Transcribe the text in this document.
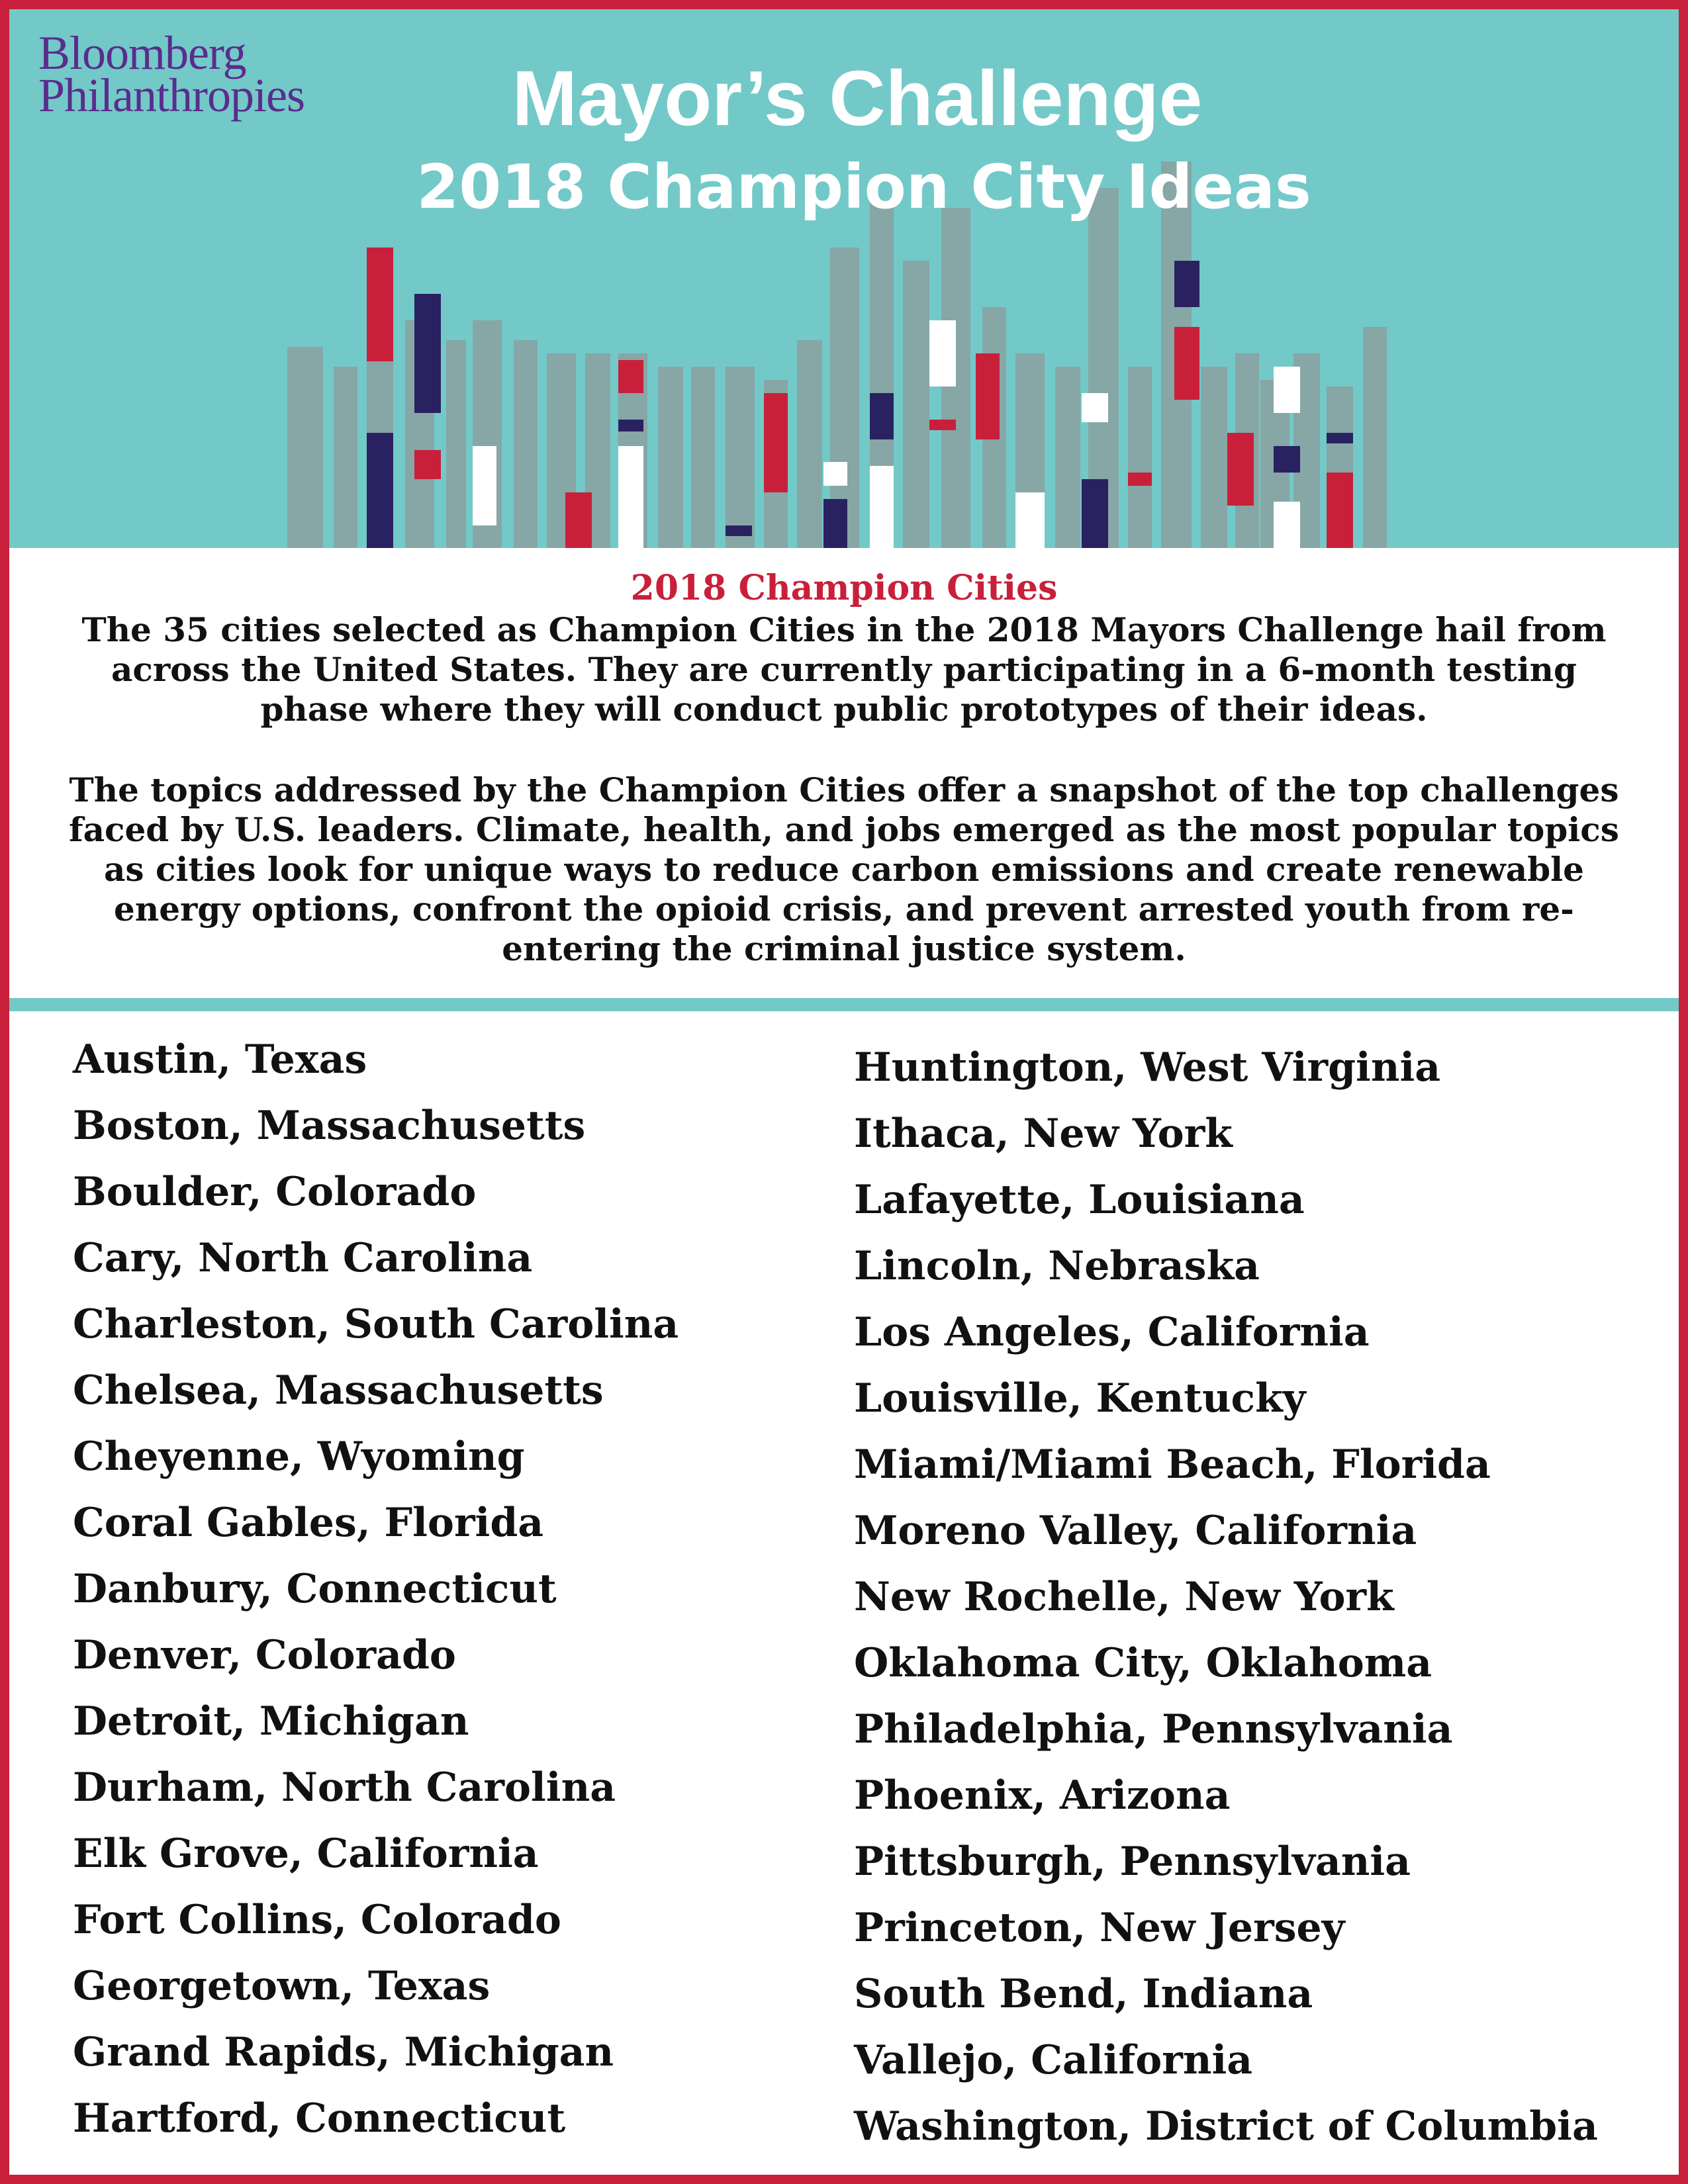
Bloomberg
Philanthropies	Mayor’s Challenge
2018 Champion City Ideas
2018 Champion Cities

The 35 cities selected as Champion Cities in the 2018 Mayors Challenge hail from across the United States. They are currently participating in a 6-month testing phase where they will conduct public prototypes of their ideas.

The topics addressed by the Champion Cities offer a snapshot of the top challenges faced by U.S. leaders. Climate, health, and jobs emerged as the most popular topics as cities look for unique ways to reduce carbon emissions and create renewable energy options, confront the opioid crisis, and prevent arrested youth from re-entering the criminal justice system.

Austin, Texas
Boston, Massachusetts
Boulder, Colorado
Cary, North Carolina
Charleston, South Carolina
Chelsea, Massachusetts
Cheyenne, Wyoming
Coral Gables, Florida
Danbury, Connecticut
Denver, Colorado
Detroit, Michigan
Durham, North Carolina
Elk Grove, California
Fort Collins, Colorado
Georgetown, Texas
Grand Rapids, Michigan
Hartford, Connecticut
Huntington, West Virginia
Ithaca, New York
Lafayette, Louisiana
Lincoln, Nebraska
Los Angeles, California
Louisville, Kentucky
Miami/Miami Beach, Florida
Moreno Valley, California
New Rochelle, New York
Oklahoma City, Oklahoma
Philadelphia, Pennsylvania
Phoenix, Arizona
Pittsburgh, Pennsylvania
Princeton, New Jersey
South Bend, Indiana
Vallejo, California
Washington, District of Columbia
